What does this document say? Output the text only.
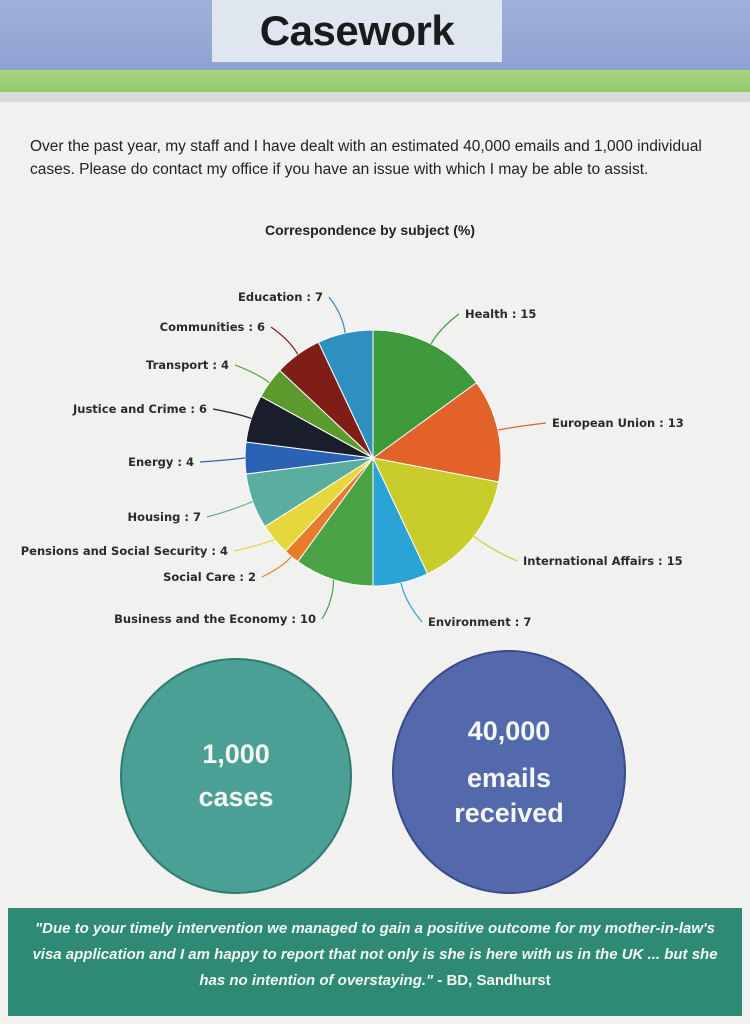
Casework
Over the past year, my staff and I have dealt with an estimated 40,000 emails and 1,000 individual cases. Please do contact my office if you have an issue with which I may be able to assist.
Correspondence by subject (%)
Health : 15
European Union : 13
International Affairs : 15
Environment : 7
Business and the Economy : 10
Social Care : 2
Pensions and Social Security : 4
Housing : 7
Energy : 4
Justice and Crime : 6
Transport : 4
Communities : 6
Education : 7
1,000
cases
40,000
emails
received
"Due to your timely intervention we managed to gain a positive outcome for my mother-in-law's visa application and I am happy to report that not only is she is here with us in the UK ... but she has no intention of overstaying." - BD, Sandhurst
